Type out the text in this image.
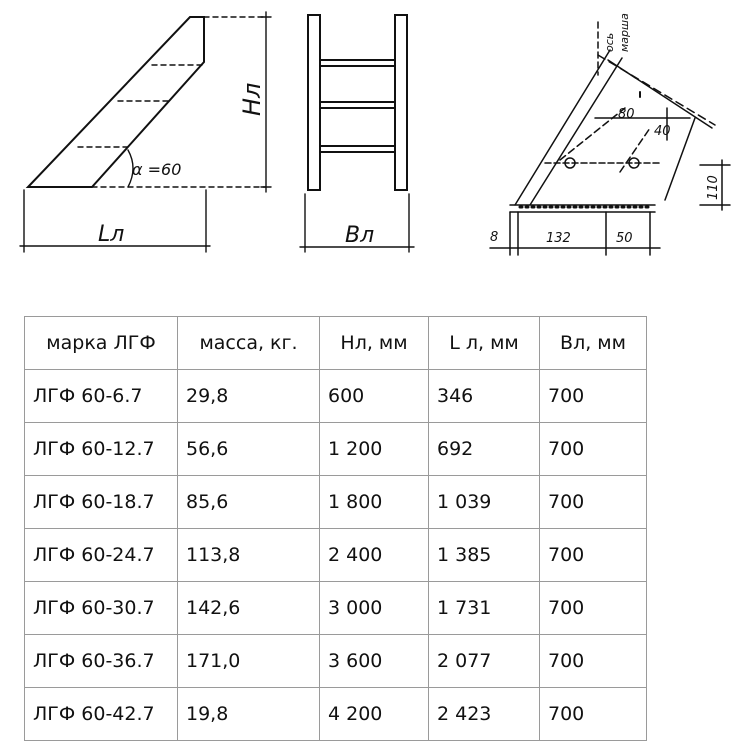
Hл
Lл
α =60
Bл
ось марша
80
40
110
8	132	50
марка ЛГФ	масса, кг.	Нл, мм	L л, мм	Вл, мм
ЛГФ 60-6.7	29,8	600	346	700
ЛГФ 60-12.7	56,6	1 200	692	700
ЛГФ 60-18.7	85,6	1 800	1 039	700
ЛГФ 60-24.7	113,8	2 400	1 385	700
ЛГФ 60-30.7	142,6	3 000	1 731	700
ЛГФ 60-36.7	171,0	3 600	2 077	700
ЛГФ 60-42.7	19,8	4 200	2 423	700
